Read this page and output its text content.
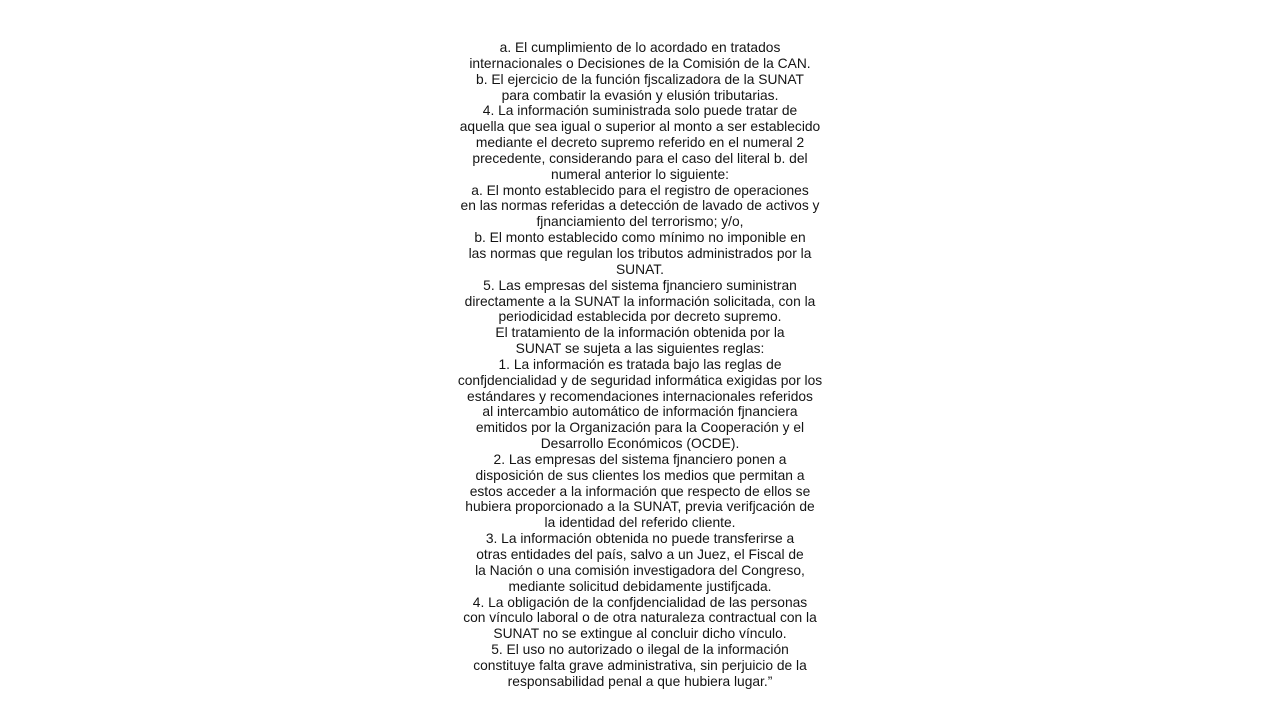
a. El cumplimiento de lo acordado en tratados
internacionales o Decisiones de la Comisión de la CAN.
b. El ejercicio de la función fjscalizadora de la SUNAT
para combatir la evasión y elusión tributarias.
4. La información suministrada solo puede tratar de
aquella que sea igual o superior al monto a ser establecido
mediante el decreto supremo referido en el numeral 2
precedente, considerando para el caso del literal b. del
numeral anterior lo siguiente:
a. El monto establecido para el registro de operaciones
en las normas referidas a detección de lavado de activos y
fjnanciamiento del terrorismo; y/o,
b. El monto establecido como mínimo no imponible en
las normas que regulan los tributos administrados por la
SUNAT.
5. Las empresas del sistema fjnanciero suministran
directamente a la SUNAT la información solicitada, con la
periodicidad establecida por decreto supremo.
El tratamiento de la información obtenida por la
SUNAT se sujeta a las siguientes reglas:
1. La información es tratada bajo las reglas de
confjdencialidad y de seguridad informática exigidas por los
estándares y recomendaciones internacionales referidos
al intercambio automático de información fjnanciera
emitidos por la Organización para la Cooperación y el
Desarrollo Económicos (OCDE).
2. Las empresas del sistema fjnanciero ponen a
disposición de sus clientes los medios que permitan a
estos acceder a la información que respecto de ellos se
hubiera proporcionado a la SUNAT, previa verifjcación de
la identidad del referido cliente.
3. La información obtenida no puede transferirse a
otras entidades del país, salvo a un Juez, el Fiscal de
la Nación o una comisión investigadora del Congreso,
mediante solicitud debidamente justifjcada.
4. La obligación de la confjdencialidad de las personas
con vínculo laboral o de otra naturaleza contractual con la
SUNAT no se extingue al concluir dicho vínculo.
5. El uso no autorizado o ilegal de la información
constituye falta grave administrativa, sin perjuicio de la
responsabilidad penal a que hubiera lugar.”
